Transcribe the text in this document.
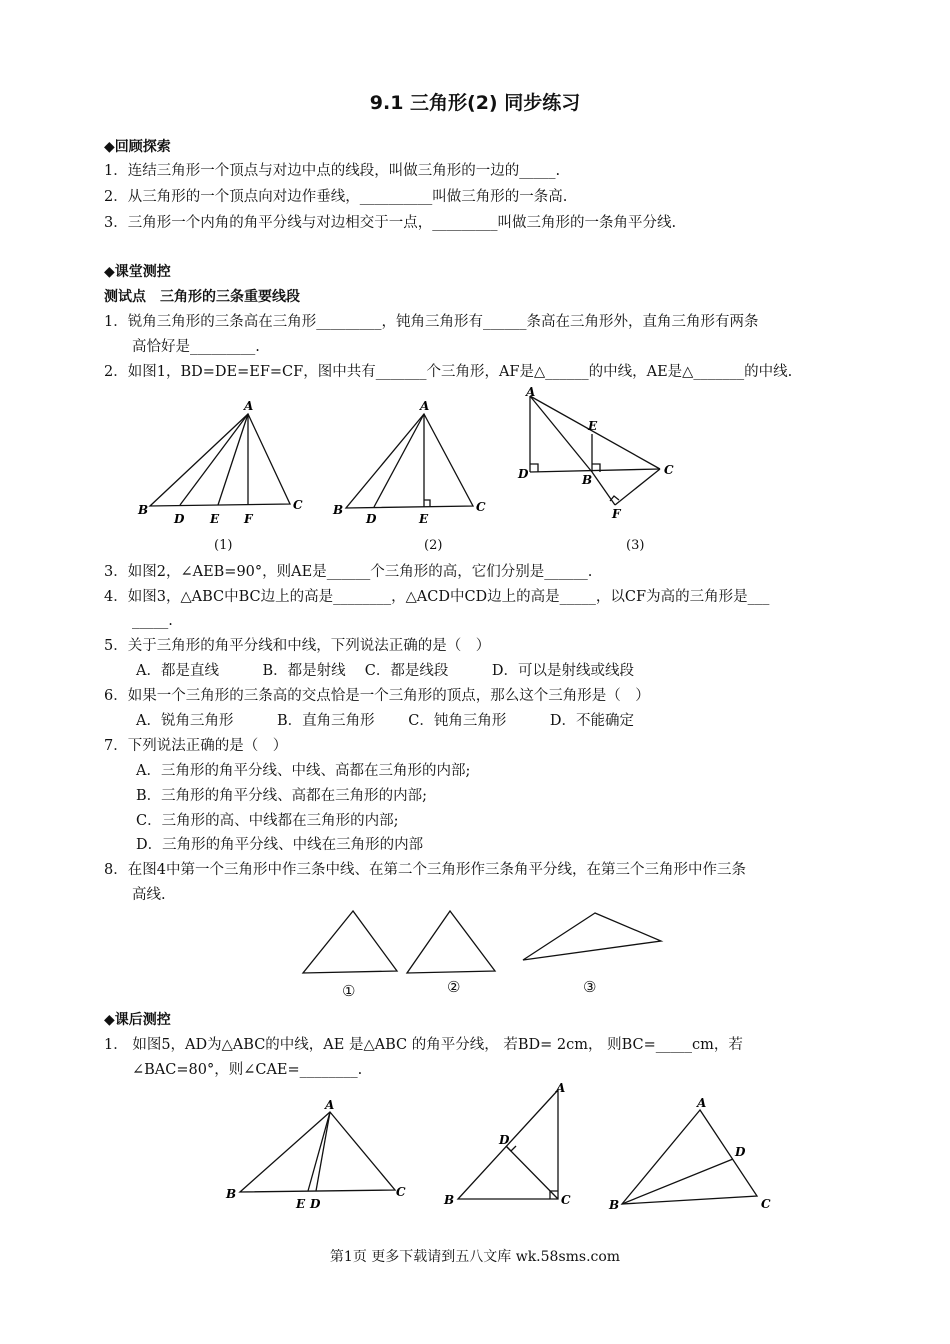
9.1 三角形(2) 同步练习
◆回顾探索
1．连结三角形一个顶点与对边中点的线段，叫做三角形的一边的_____.
2．从三角形的一个顶点向对边作垂线，__________叫做三角形的一条高.
3．三角形一个内角的角平分线与对边相交于一点，_________叫做三角形的一条角平分线.
◆课堂测控
测试点　三角形的三条重要线段
1．锐角三角形的三条高在三角形_________，钝角三角形有______条高在三角形外，直角三角形有两条
高恰好是_________.
2．如图1，BD=DE=EF=CF，图中共有_______个三角形，AF是△______的中线，AE是△_______的中线.
A
B	C
D E F
(1)
A
B	C
D	E
(2)
A
E
D	B
C
F
(3)
3．如图2，∠AEB=90°，则AE是______个三角形的高，它们分别是______.
4．如图3，△ABC中BC边上的高是________，△ACD中CD边上的高是_____，以CF为高的三角形是___
_____.
5．关于三角形的角平分线和中线，下列说法正确的是（　）
A．都是直线　　　B．都是射线　 C．都是线段　　　D．可以是射线或线段
6．如果一个三角形的三条高的交点恰是一个三角形的顶点，那么这个三角形是（　）
A．锐角三角形　　　B．直角三角形　　 C．钝角三角形　　　D．不能确定
7．下列说法正确的是（　）
A．三角形的角平分线、中线、高都在三角形的内部;
B．三角形的角平分线、高都在三角形的内部;
C．三角形的高、中线都在三角形的内部;
D．三角形的角平分线、中线在三角形的内部
8．在图4中第一个三角形中作三条中线、在第二个三角形作三条角平分线，在第三个三角形中作三条
高线.
①	②	③
◆课后测控
1． 如图5，AD为△ABC的中线，AE 是△ABC 的角平分线， 若BD= 2cm， 则BC=_____cm，若
∠BAC=80°，则∠CAE=________.
A
B	C
E D
A
D
B	C
A
D
B	C
第1页 更多下载请到五八文库 wk.58sms.com
